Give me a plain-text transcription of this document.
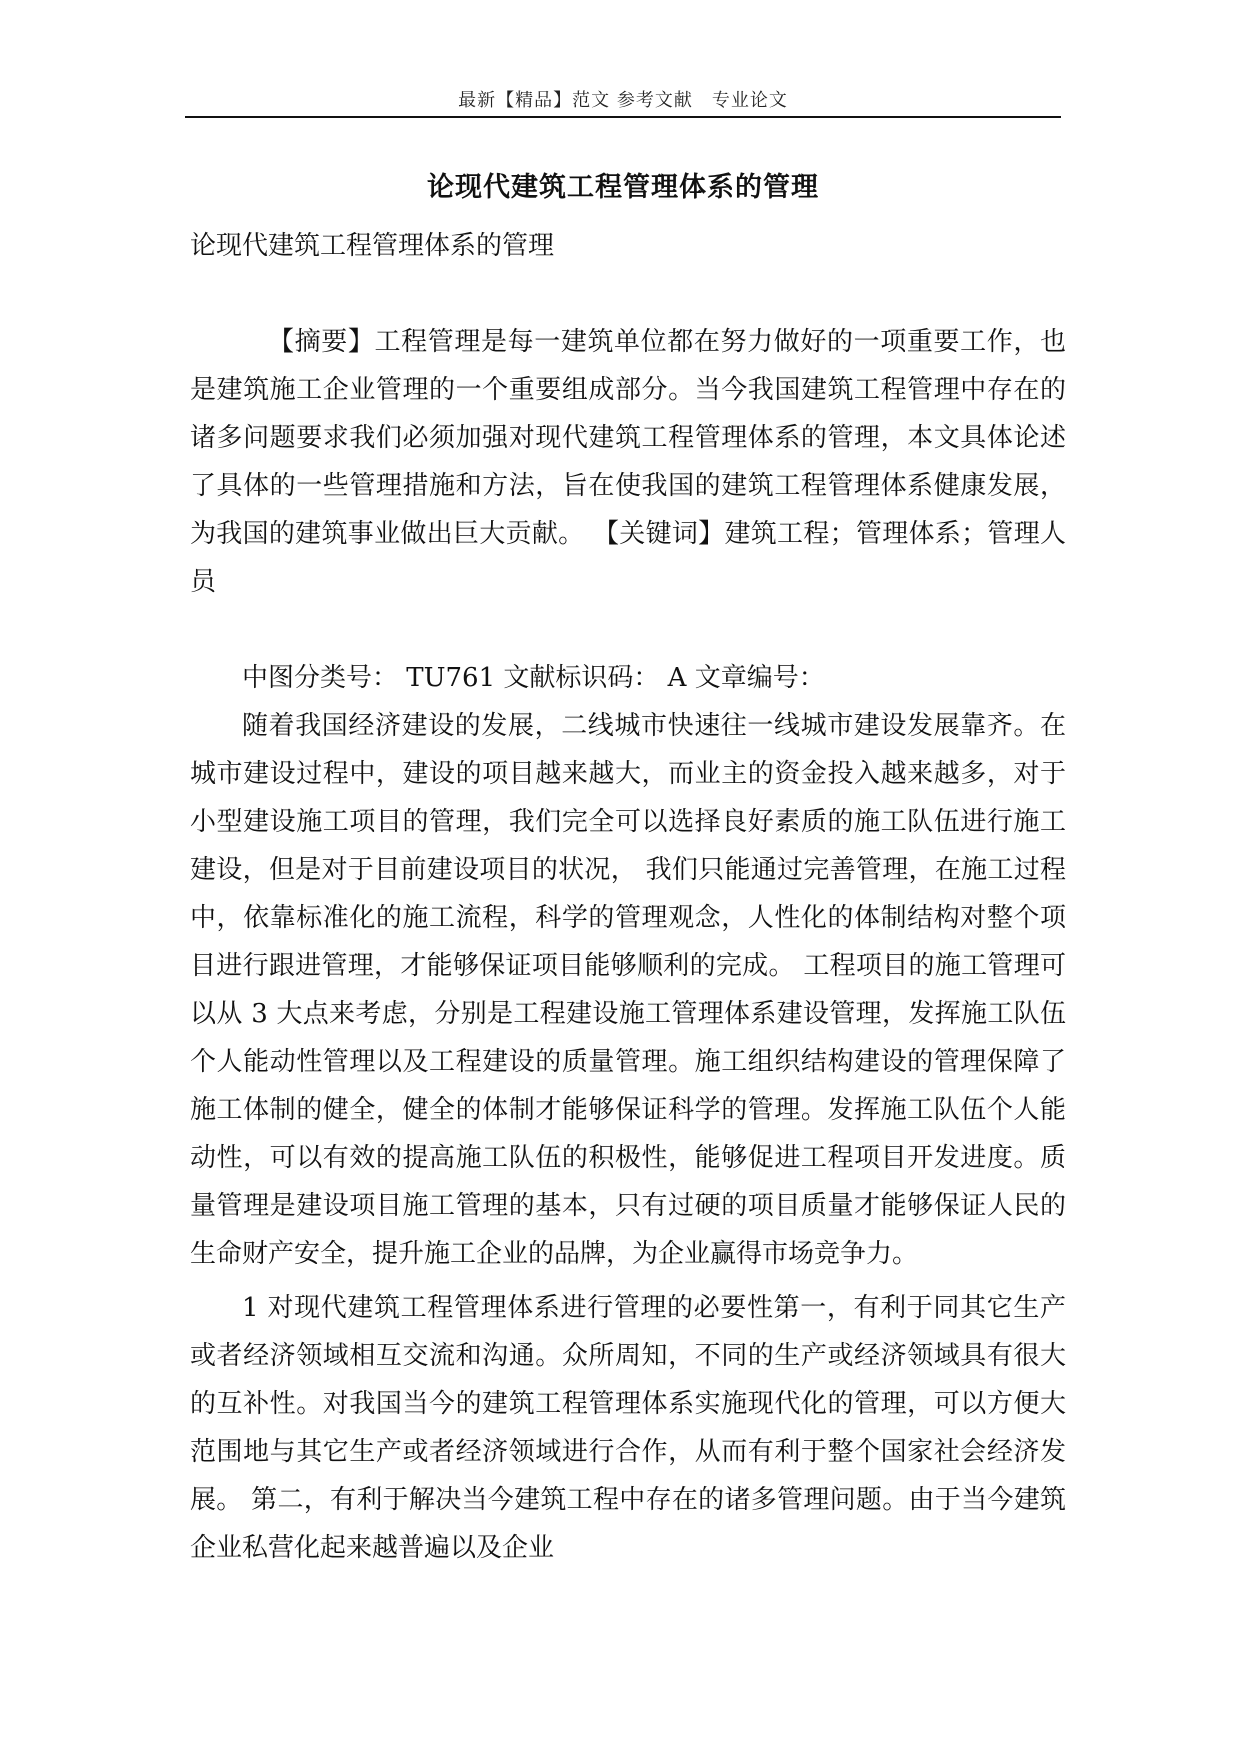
最新【精品】范文 参考文献　专业论文
论现代建筑工程管理体系的管理

论现代建筑工程管理体系的管理

【摘要】工程管理是每一建筑单位都在努力做好的一项重要工作，也是建筑施工企业管理的一个重要组成部分。当今我国建筑工程管理中存在的诸多问题要求我们必须加强对现代建筑工程管理体系的管理，本文具体论述了具体的一些管理措施和方法，旨在使我国的建筑工程管理体系健康发展，为我国的建筑事业做出巨大贡献。 【关键词】建筑工程；管理体系；管理人员

中图分类号： TU761 文献标识码： A 文章编号：

随着我国经济建设的发展，二线城市快速往一线城市建设发展靠齐。在城市建设过程中，建设的项目越来越大，而业主的资金投入越来越多，对于小型建设施工项目的管理，我们完全可以选择良好素质的施工队伍进行施工建设，但是对于目前建设项目的状况， 我们只能通过完善管理，在施工过程中，依靠标准化的施工流程，科学的管理观念，人性化的体制结构对整个项目进行跟进管理，才能够保证项目能够顺利的完成。 工程项目的施工管理可以从 3 大点来考虑，分别是工程建设施工管理体系建设管理，发挥施工队伍个人能动性管理以及工程建设的质量管理。施工组织结构建设的管理保障了施工体制的健全，健全的体制才能够保证科学的管理。发挥施工队伍个人能动性，可以有效的提高施工队伍的积极性，能够促进工程项目开发进度。质量管理是建设项目施工管理的基本，只有过硬的项目质量才能够保证人民的生命财产安全，提升施工企业的品牌，为企业赢得市场竞争力。

1 对现代建筑工程管理体系进行管理的必要性第一，有利于同其它生产或者经济领域相互交流和沟通。众所周知，不同的生产或经济领域具有很大的互补性。对我国当今的建筑工程管理体系实施现代化的管理，可以方便大范围地与其它生产或者经济领域进行合作，从而有利于整个国家社会经济发展。 第二，有利于解决当今建筑工程中存在的诸多管理问题。由于当今建筑企业私营化起来越普遍以及企业
